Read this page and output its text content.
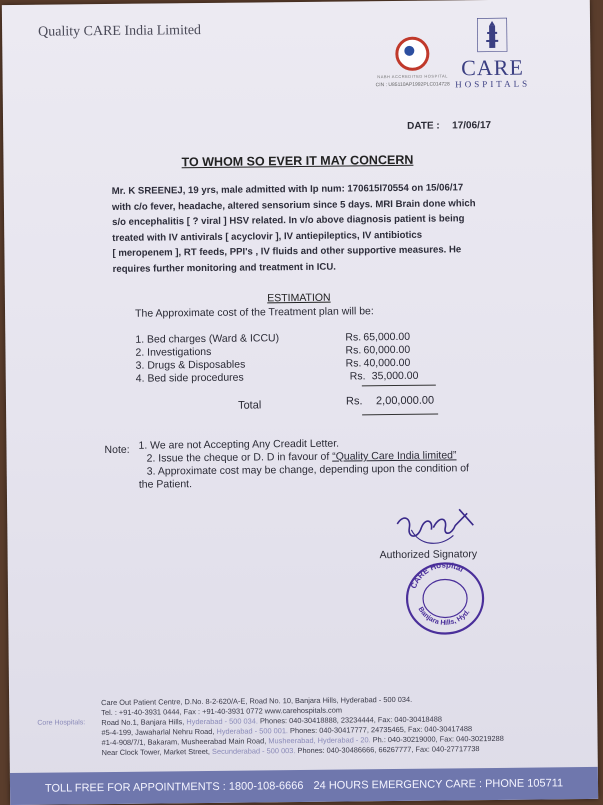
Quality CARE India Limited
NABH ACCREDITED HOSPITAL
CIN : U85110AP1992PLC014728
CARE
HOSPITALS
DATE : 17/06/17
TO WHOM SO EVER IT MAY CONCERN
Mr. K SREENEJ, 19 yrs, male admitted with Ip num: 170615I70554 on 15/06/17
with c/o fever, headache, altered sensorium since 5 days. MRI Brain done which
s/o encephalitis [ ? viral ] HSV related. In v/o above diagnosis patient is being
treated with IV antivirals [ acyclovir ], IV antiepileptics, IV antibiotics
[ meropenem ], RT feeds, PPI's , IV fluids and other supportive measures. He
requires further monitoring and treatment in ICU.
ESTIMATION
The Approximate cost of the Treatment plan will be:
1. Bed charges (Ward & ICCU)	Rs. 65,000.00
2. Investigations	Rs. 60,000.00
3. Drugs & Disposables	Rs. 40,000.00
4. Bed side procedures	Rs. 35,000.00
Total	Rs. 2,00,000.00
Note: 1. We are not Accepting Any Creadit Letter.
2. Issue the cheque or D. D in favour of “Quality Care India limited”
3. Approximate cost may be change, depending upon the condition of
the Patient.
Authorized Signatory
CARE Hospital
Banjara Hills, Hyd.
Core Hospitals:
Care Out Patient Centre, D.No. 8-2-620/A-E, Road No. 10, Banjara Hills, Hyderabad - 500 034.
Tel. : +91-40-3931 0444, Fax : +91-40-3931 0772 www.carehospitals.com
Road No.1, Banjara Hills, Hyderabad - 500 034. Phones: 040-30418888, 23234444, Fax: 040-30418488
#5-4-199, Jawaharlal Nehru Road, Hyderabad - 500 001. Phones: 040-30417777, 24735465, Fax: 040-30417488
#1-4-908/7/1, Bakaram, Musheerabad Main Road, Musheerabad, Hyderabad - 20. Ph.: 040-30219000, Fax: 040-30219288
Near Clock Tower, Market Street, Secunderabad - 500 003. Phones: 040-30486666, 66267777, Fax: 040-27717738
TOLL FREE FOR APPOINTMENTS : 1800-108-6666 24 HOURS EMERGENCY CARE : PHONE 105711
